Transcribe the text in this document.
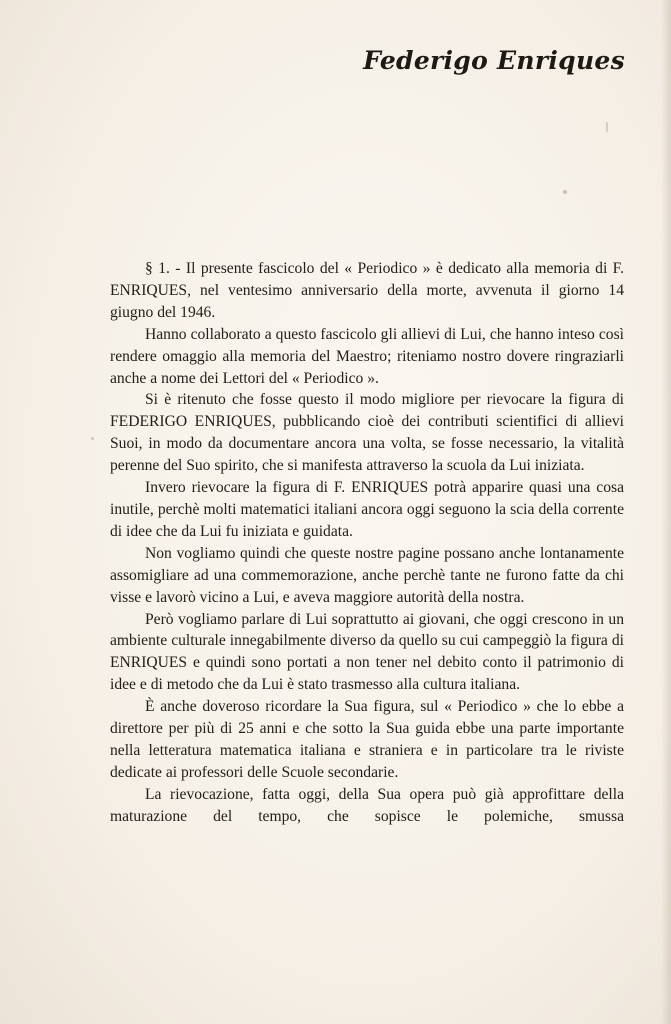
Federigo Enriques

§ 1. - Il presente fascicolo del « Periodico » è dedicato alla memoria di F. ENRIQUES, nel ventesimo anniversario della morte, avvenuta il giorno 14 giugno del 1946.

Hanno collaborato a questo fascicolo gli allievi di Lui, che hanno inteso così rendere omaggio alla memoria del Maestro; riteniamo nostro dovere ringraziarli anche a nome dei Lettori del « Periodico ».

Si è ritenuto che fosse questo il modo migliore per rievocare la figura di FEDERIGO ENRIQUES, pubblicando cioè dei contributi scientifici di allievi Suoi, in modo da documentare ancora una volta, se fosse necessario, la vitalità perenne del Suo spirito, che si manifesta attraverso la scuola da Lui iniziata.

Invero rievocare la figura di F. ENRIQUES potrà apparire quasi una cosa inutile, perchè molti matematici italiani ancora oggi seguono la scia della corrente di idee che da Lui fu iniziata e guidata.

Non vogliamo quindi che queste nostre pagine possano anche lontanamente assomigliare ad una commemorazione, anche perchè tante ne furono fatte da chi visse e lavorò vicino a Lui, e aveva maggiore autorità della nostra.

Però vogliamo parlare di Lui soprattutto ai giovani, che oggi crescono in un ambiente culturale innegabilmente diverso da quello su cui campeggiò la figura di ENRIQUES e quindi sono portati a non tener nel debito conto il patrimonio di idee e di metodo che da Lui è stato trasmesso alla cultura italiana.

È anche doveroso ricordare la Sua figura, sul « Periodico » che lo ebbe a direttore per più di 25 anni e che sotto la Sua guida ebbe una parte importante nella letteratura matematica italiana e straniera e in particolare tra le riviste dedicate ai professori delle Scuole secondarie.

La rievocazione, fatta oggi, della Sua opera può già approfittare della maturazione del tempo, che sopisce le polemiche, smussa
